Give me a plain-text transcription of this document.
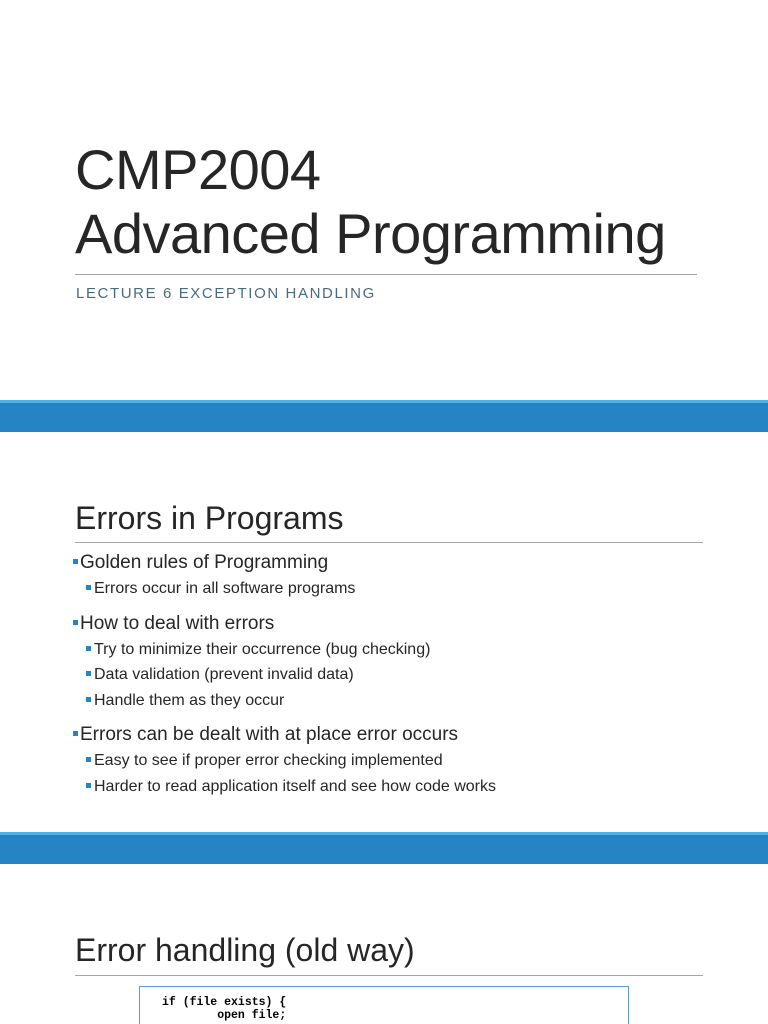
CMP2004
Advanced Programming
LECTURE 6 EXCEPTION HANDLING
Errors in Programs
Golden rules of Programming
Errors occur in all software programs
How to deal with errors
Try to minimize their occurrence (bug checking)
Data validation (prevent invalid data)
Handle them as they occur
Errors can be dealt with at place error occurs
Easy to see if proper error checking implemented
Harder to read application itself and see how code works
Error handling (old way)
if (file exists) {
open file;
